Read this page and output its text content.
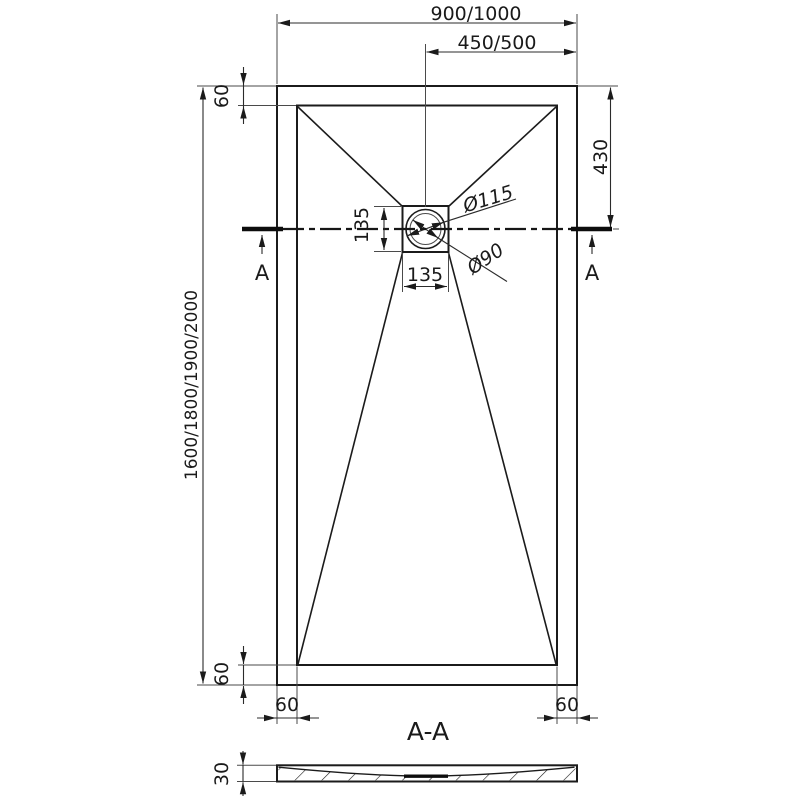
Ø115
Ø90
A	A
900/1000
450/500
1600/1800/1900/2000
60
430
135
135
60
60	60
A-A
30
